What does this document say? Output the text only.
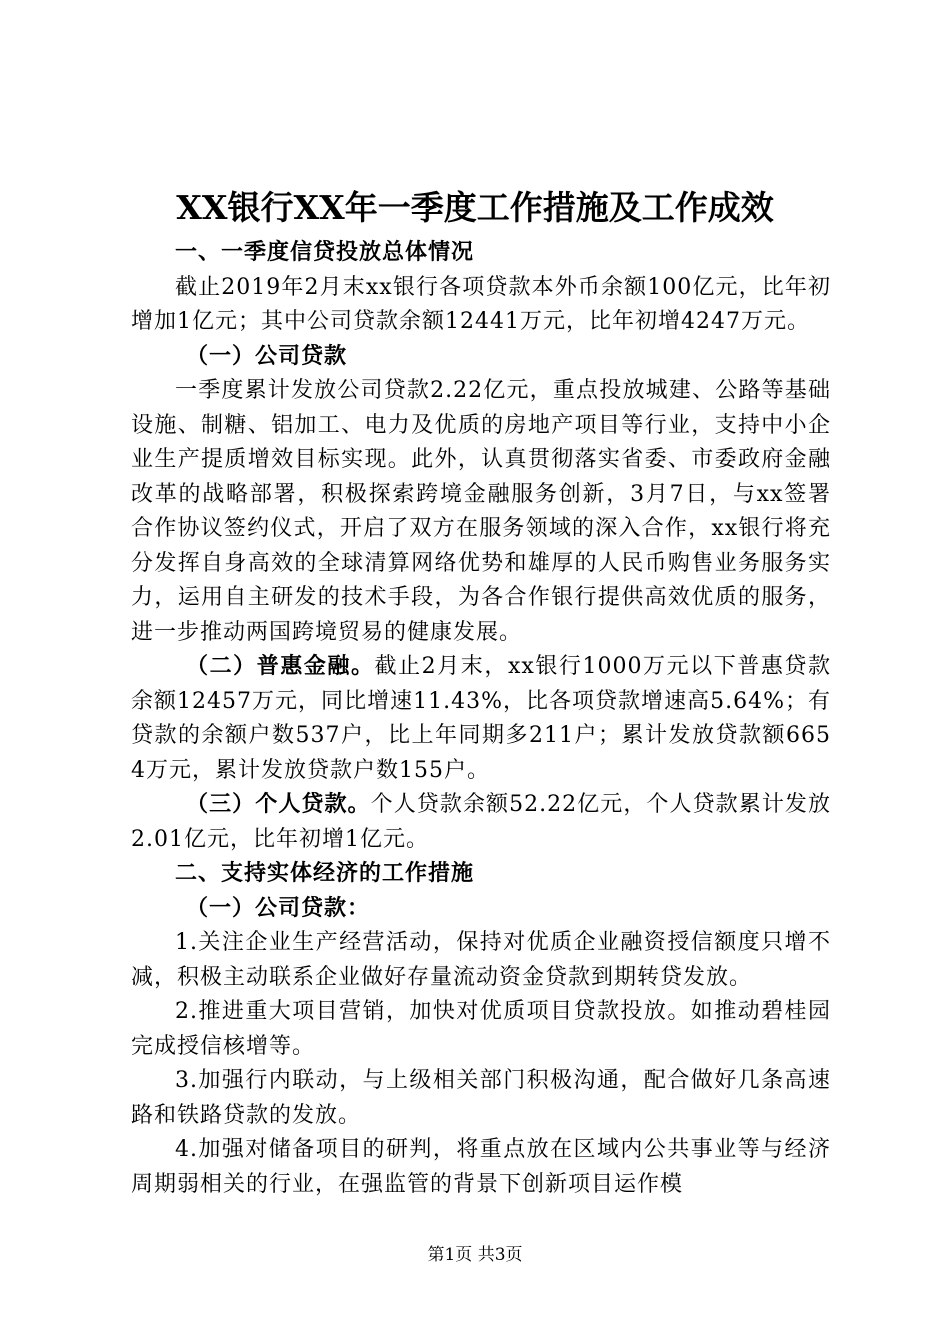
XX银行XX年一季度工作措施及工作成效

一、一季度信贷投放总体情况

截止2019年2月末xx银行各项贷款本外币余额100亿元，比年初增加1亿元；其中公司贷款余额12441万元，比年初增4247万元。

（一）公司贷款

一季度累计发放公司贷款2.22亿元，重点投放城建、公路等基础设施、制糖、铝加工、电力及优质的房地产项目等行业，支持中小企业生产提质增效目标实现。此外，认真贯彻落实省委、市委政府金融改革的战略部署，积极探索跨境金融服务创新，3月7日，与xx签署合作协议签约仪式，开启了双方在服务领域的深入合作，xx银行将充分发挥自身高效的全球清算网络优势和雄厚的人民币购售业务服务实力，运用自主研发的技术手段，为各合作银行提供高效优质的服务，进一步推动两国跨境贸易的健康发展。

（二）普惠金融。截止2月末，xx银行1000万元以下普惠贷款余额12457万元，同比增速11.43%，比各项贷款增速高5.64%；有贷款的余额户数537户，比上年同期多211户；累计发放贷款额6654万元，累计发放贷款户数155户。

（三）个人贷款。个人贷款余额52.22亿元，个人贷款累计发放2.01亿元，比年初增1亿元。

二、支持实体经济的工作措施

（一）公司贷款：

1.关注企业生产经营活动，保持对优质企业融资授信额度只增不减，积极主动联系企业做好存量流动资金贷款到期转贷发放。

2.推进重大项目营销，加快对优质项目贷款投放。如推动碧桂园完成授信核增等。

3.加强行内联动，与上级相关部门积极沟通，配合做好几条高速路和铁路贷款的发放。

4.加强对储备项目的研判，将重点放在区域内公共事业等与经济周期弱相关的行业，在强监管的背景下创新项目运作模

第1页 共3页
